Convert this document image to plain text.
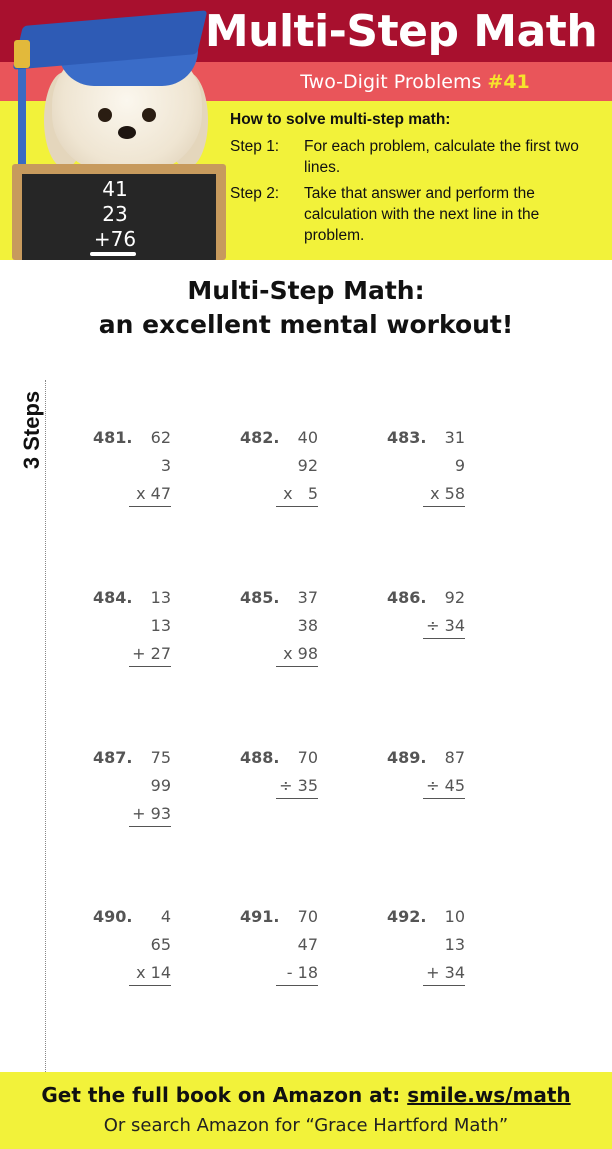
41
23
+76
Multi-Step Math
Two-Digit Problems #41
How to solve multi-step math:
Step 1: For each problem, calculate the first two lines.
Step 2: Take that answer and perform the calculation with the next line in the problem.
Multi-Step Math:
an excellent mental workout!
3 Steps	481. 62
3
x 47
482. 40
92
x   5
483. 31
9
x 58
484. 13
13
+ 27
485. 37
38
x 98
486. 92
÷ 34
487. 75
99
+ 93
488. 70
÷ 35
489. 87
÷ 45
490. 4
65
x 14
491. 70
47
- 18
492. 10
13
+ 34
Get the full book on Amazon at: smile.ws/math
Or search Amazon for “Grace Hartford Math”
